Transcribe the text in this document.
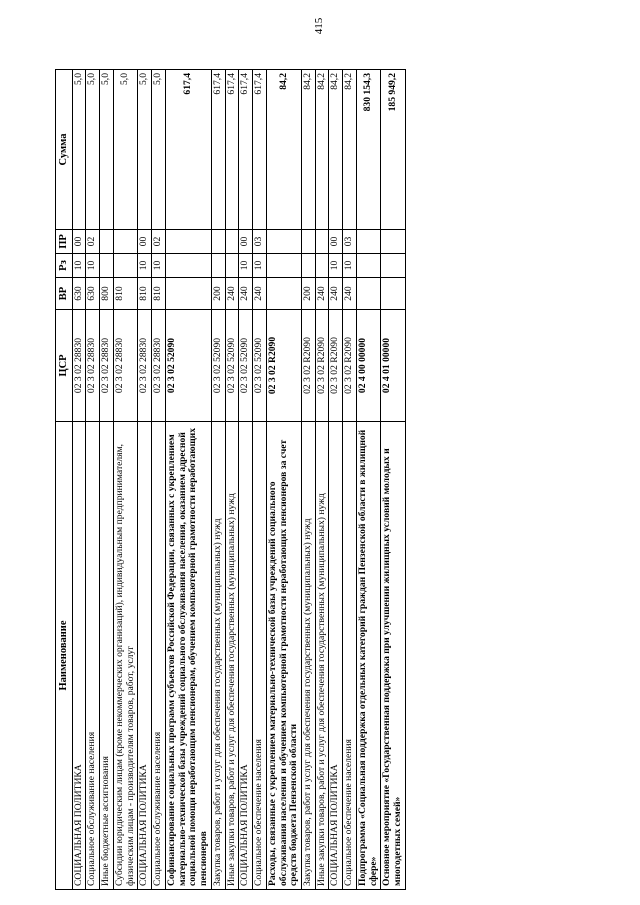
415
Наименование	ЦСР	ВР	Рз	ПР	Сумма
СОЦИАЛЬНАЯ ПОЛИТИКА	02 3 02 28830	630	10	00	5,0
Социальное обслуживание населения	02 3 02 28830	630	10	02	5,0
Иные бюджетные ассигнования	02 3 02 28830	800			5,0
Субсидии юридическим лицам (кроме некоммерческих организаций), индивидуальным предпринимателям, физическим лицам - производителям товаров, работ, услуг	02 3 02 28830	810			5,0
СОЦИАЛЬНАЯ ПОЛИТИКА	02 3 02 28830	810	10	00	5,0
Социальное обслуживание населения	02 3 02 28830	810	10	02	5,0
Софинансирование социальных программ субъектов Российской Федерации, связанных с укреплением материально-технической базы учреждений социального обслуживания населения, оказанием адресной социальной помощи неработающим пенсионерам, обучением компьютерной грамотности неработающих пенсионеров	02 3 02 52090				617,4
Закупка товаров, работ и услуг для обеспечения государственных (муниципальных) нужд	02 3 02 52090	200			617,4
Иные закупки товаров, работ и услуг для обеспечения государственных (муниципальных) нужд	02 3 02 52090	240			617,4
СОЦИАЛЬНАЯ ПОЛИТИКА	02 3 02 52090	240	10	00	617,4
Социальное обеспечение населения	02 3 02 52090	240	10	03	617,4
Расходы, связанные с укреплением материально-технической базы учреждений социального обслуживания населения и обучением компьютерной грамотности неработающих пенсионеров за счет средств бюджета Пензенской области	02 3 02 R2090				84,2
Закупка товаров, работ и услуг для обеспечения государственных (муниципальных) нужд	02 3 02 R2090	200			84,2
Иные закупки товаров, работ и услуг для обеспечения государственных (муниципальных) нужд	02 3 02 R2090	240			84,2
СОЦИАЛЬНАЯ ПОЛИТИКА	02 3 02 R2090	240	10	00	84,2
Социальное обеспечение населения	02 3 02 R2090	240	10	03	84,2
Подпрограмма «Социальная поддержка отдельных категорий граждан Пензенской области в жилищной сфере»	02 4 00 00000				830 154,3
Основное мероприятие «Государственная поддержка при улучшении жилищных условий молодых и многодетных семей»	02 4 01 00000				185 949,2
